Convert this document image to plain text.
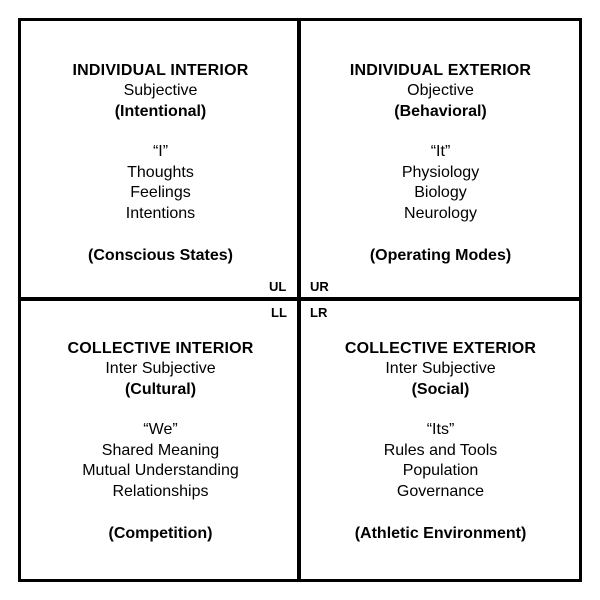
INDIVIDUAL INTERIOR
Subjective
(Intentional)
“I”
Thoughts
Feelings
Intentions
(Conscious States)
INDIVIDUAL EXTERIOR
Objective
(Behavioral)
“It”
Physiology
Biology
Neurology
(Operating Modes)
COLLECTIVE INTERIOR
Inter Subjective
(Cultural)
“We”
Shared Meaning
Mutual Understanding
Relationships
(Competition)
COLLECTIVE EXTERIOR
Inter Subjective
(Social)
“Its”
Rules and Tools
Population
Governance
(Athletic Environment)
UL UR
LL LR
